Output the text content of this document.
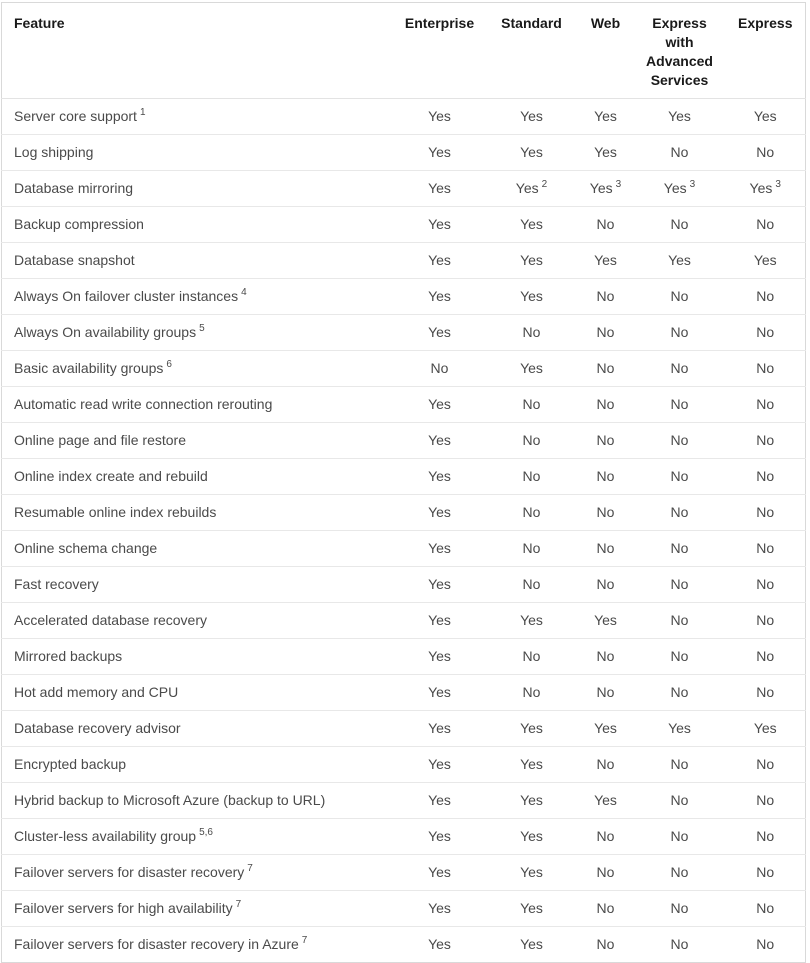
Feature	Enterprise	Standard	Web	Express with Advanced Services	Express
Server core support $^1$	Yes	Yes	Yes	Yes	Yes
Log shipping	Yes	Yes	Yes	No	No
Database mirroring	Yes	Yes $^2$	Yes $^3$	Yes $^3$	Yes $^3$
Backup compression	Yes	Yes	No	No	No
Database snapshot	Yes	Yes	Yes	Yes	Yes
Always On failover cluster instances $^4$	Yes	Yes	No	No	No
Always On availability groups $^5$	Yes	No	No	No	No
Basic availability groups $^6$	No	Yes	No	No	No
Automatic read write connection rerouting	Yes	No	No	No	No
Online page and file restore	Yes	No	No	No	No
Online index create and rebuild	Yes	No	No	No	No
Resumable online index rebuilds	Yes	No	No	No	No
Online schema change	Yes	No	No	No	No
Fast recovery	Yes	No	No	No	No
Accelerated database recovery	Yes	Yes	Yes	No	No
Mirrored backups	Yes	No	No	No	No
Hot add memory and CPU	Yes	No	No	No	No
Database recovery advisor	Yes	Yes	Yes	Yes	Yes
Encrypted backup	Yes	Yes	No	No	No
Hybrid backup to Microsoft Azure (backup to URL)	Yes	Yes	Yes	No	No
Cluster-less availability group $^{5,6}$	Yes	Yes	No	No	No
Failover servers for disaster recovery $^7$	Yes	Yes	No	No	No
Failover servers for high availability $^7$	Yes	Yes	No	No	No
Failover servers for disaster recovery in Azure $^7$	Yes	Yes	No	No	No
